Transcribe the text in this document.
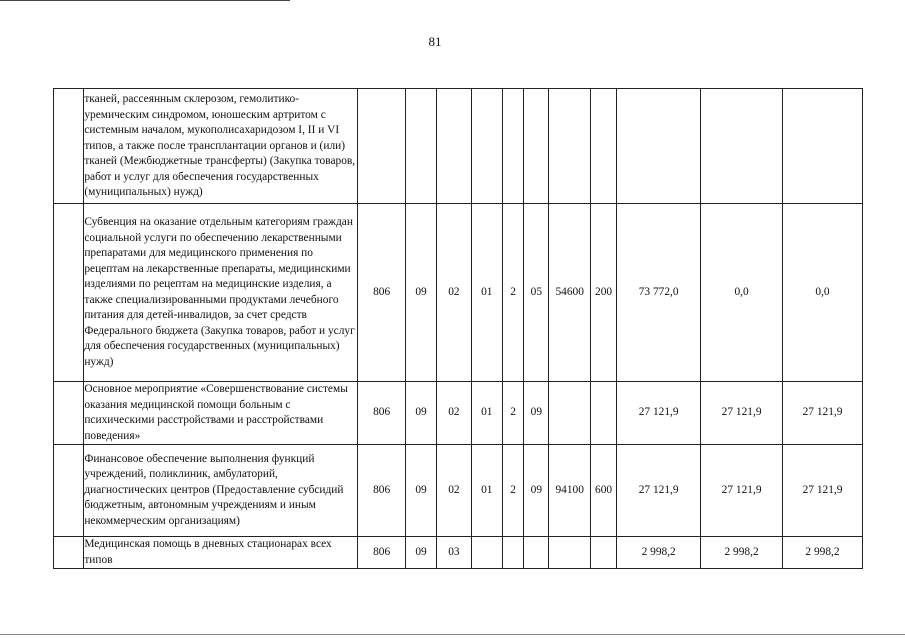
81
	тканей, рассеянным склерозом, гемолитико-уремическим синдромом, юношеским артритом с системным началом, мукополисахаридозом I, II и VI типов, а также после трансплантации органов и (или) тканей (Межбюджетные трансферты) (Закупка товаров, работ и услуг для обеспечения государственных (муниципальных) нужд)											
	Субвенция на оказание отдельным категориям граждан социальной услуги по обеспечению лекарственными препаратами для медицинского применения по рецептам на лекарственные препараты, медицинскими изделиями по рецептам на медицинские изделия, а также специализированными продуктами лечебного питания для детей-инвалидов, за счет средств Федерального бюджета (Закупка товаров, работ и услуг для обеспечения государственных (муниципальных) нужд)	806	09	02	01	2	05	54600	200	73 772,0	0,0	0,0
	Основное мероприятие «Совершенствование системы оказания медицинской помощи больным с психическими расстройствами и расстройствами поведения»	806	09	02	01	2	09			27 121,9	27 121,9	27 121,9
	Финансовое обеспечение выполнения функций учреждений, поликлиник, амбулаторий, диагностических центров (Предоставление субсидий бюджетным, автономным учреждениям и иным некоммерческим организациям)	806	09	02	01	2	09	94100	600	27 121,9	27 121,9	27 121,9
	Медицинская помощь в дневных стационарах всех типов	806	09	03						2 998,2	2 998,2	2 998,2
